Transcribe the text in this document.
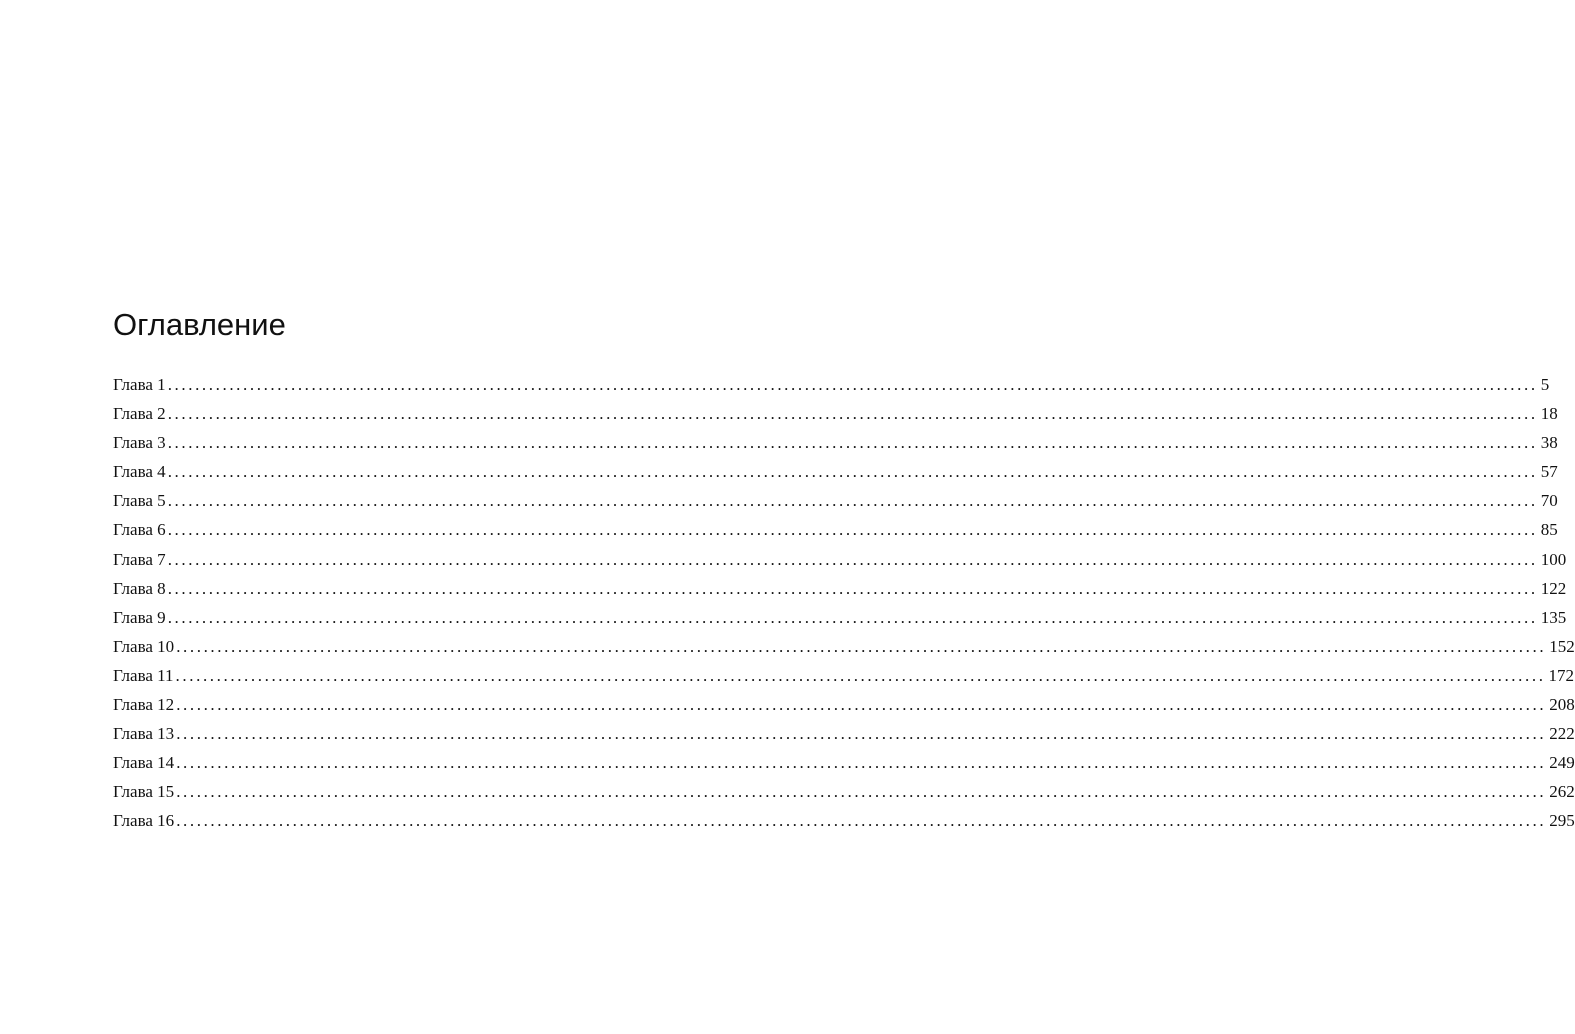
Оглавление
Глава 1 ........................................................................................................................................................................................................ 5
Глава 2 ........................................................................................................................................................................................................ 18
Глава 3 ........................................................................................................................................................................................................ 38
Глава 4 ........................................................................................................................................................................................................ 57
Глава 5 ........................................................................................................................................................................................................ 70
Глава 6 ........................................................................................................................................................................................................ 85
Глава 7 ........................................................................................................................................................................................................ 100
Глава 8 ........................................................................................................................................................................................................ 122
Глава 9 ........................................................................................................................................................................................................ 135
Глава 10 ........................................................................................................................................................................................................ 152
Глава 11 ........................................................................................................................................................................................................ 172
Глава 12 ........................................................................................................................................................................................................ 208
Глава 13 ........................................................................................................................................................................................................ 222
Глава 14 ........................................................................................................................................................................................................ 249
Глава 15 ........................................................................................................................................................................................................ 262
Глава 16 ........................................................................................................................................................................................................ 295
